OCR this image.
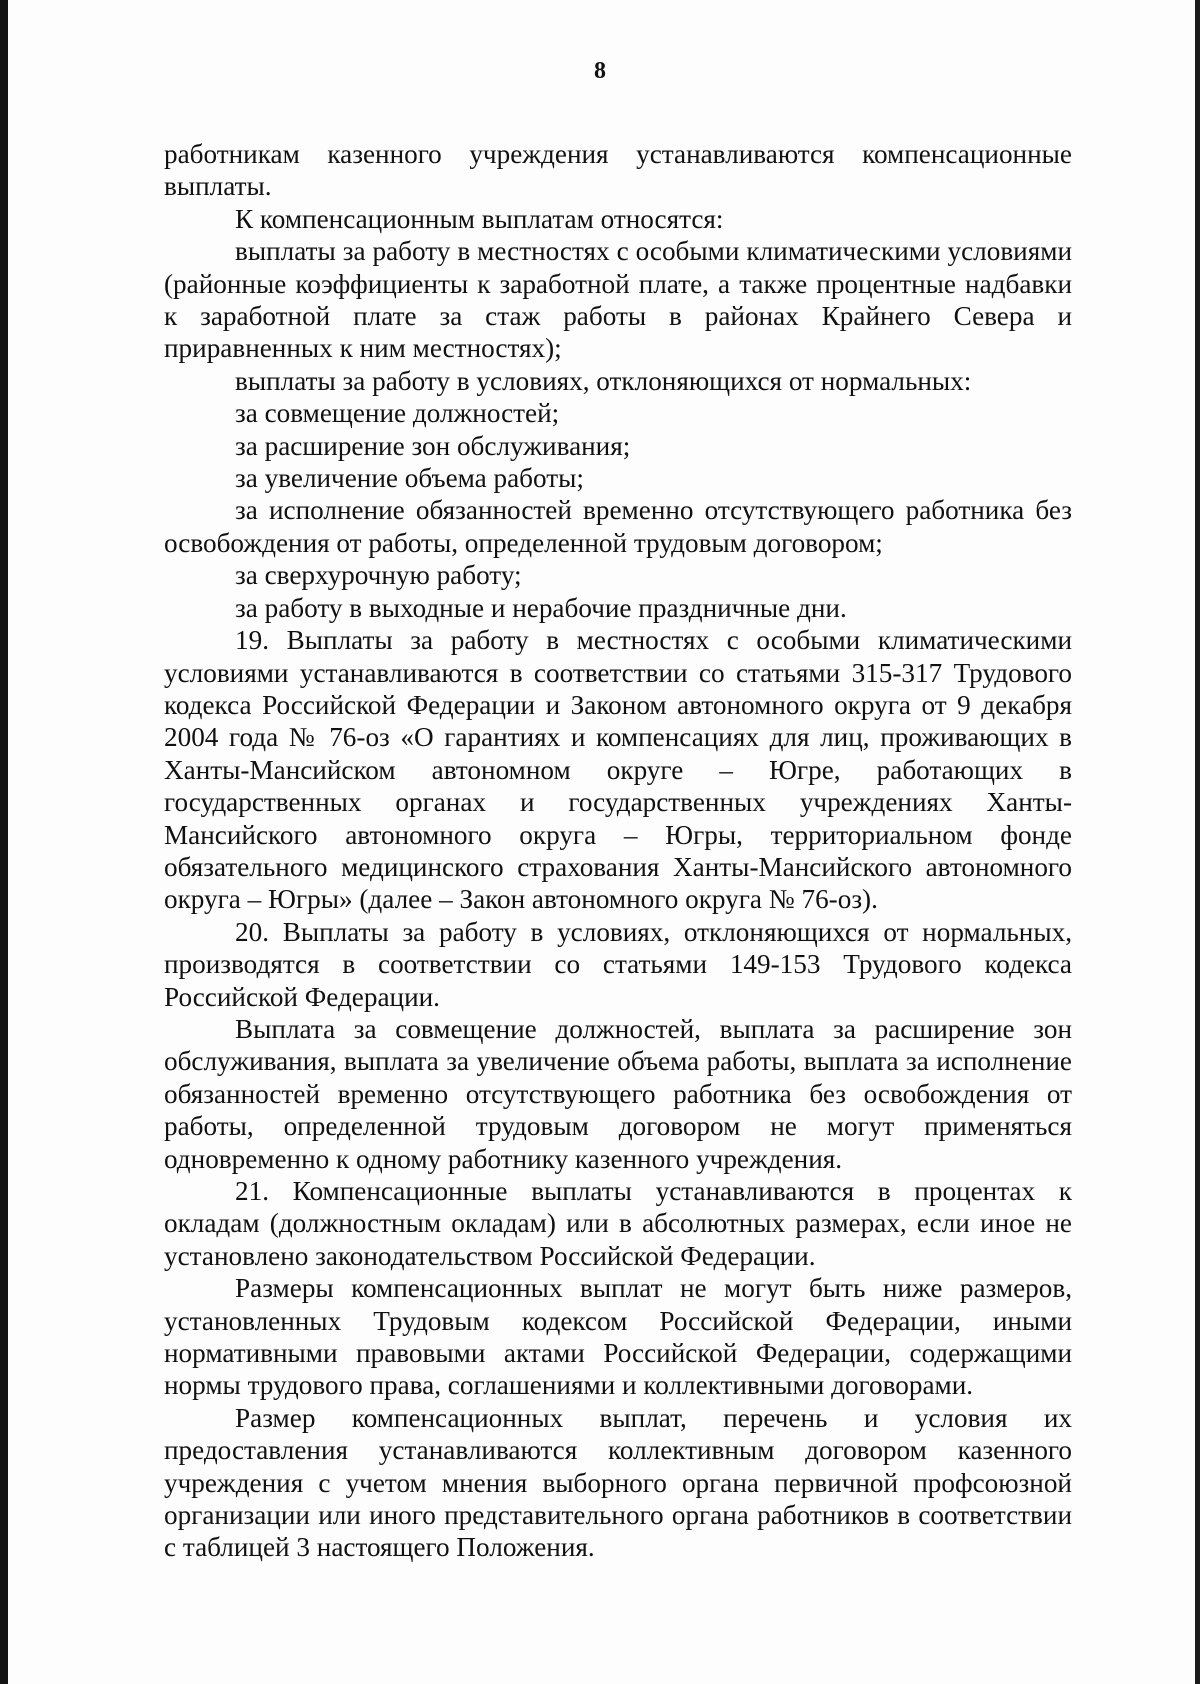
8

работникам казенного учреждения устанавливаются компенсационные выплаты.

К компенсационным выплатам относятся:

выплаты за работу в местностях с особыми климатическими условиями (районные коэффициенты к заработной плате, а также процентные надбавки к заработной плате за стаж работы в районах Крайнего Севера и приравненных к ним местностях);

выплаты за работу в условиях, отклоняющихся от нормальных:

за совмещение должностей;

за расширение зон обслуживания;

за увеличение объема работы;

за исполнение обязанностей временно отсутствующего работника без освобождения от работы, определенной трудовым договором;

за сверхурочную работу;

за работу в выходные и нерабочие праздничные дни.

19. Выплаты за работу в местностях с особыми климатическими условиями устанавливаются в соответствии со статьями 315-317 Трудового кодекса Российской Федерации и Законом автономного округа от 9 декабря 2004 года № 76-оз «О гарантиях и компенсациях для лиц, проживающих в Ханты-Мансийском автономном округе – Югре, работающих в государственных органах и государственных учреждениях Ханты-Мансийского автономного округа – Югры, территориальном фонде обязательного медицинского страхования Ханты-Мансийского автономного округа – Югры» (далее – Закон автономного округа № 76-оз).

20. Выплаты за работу в условиях, отклоняющихся от нормальных, производятся в соответствии со статьями 149-153 Трудового кодекса Российской Федерации.

Выплата за совмещение должностей, выплата за расширение зон обслуживания, выплата за увеличение объема работы, выплата за исполнение обязанностей временно отсутствующего работника без освобождения от работы, определенной трудовым договором не могут применяться одновременно к одному работнику казенного учреждения.

21. Компенсационные выплаты устанавливаются в процентах к окладам (должностным окладам) или в абсолютных размерах, если иное не установлено законодательством Российской Федерации.

Размеры компенсационных выплат не могут быть ниже размеров, установленных Трудовым кодексом Российской Федерации, иными нормативными правовыми актами Российской Федерации, содержащими нормы трудового права, соглашениями и коллективными договорами.

Размер компенсационных выплат, перечень и условия их предоставления устанавливаются коллективным договором казенного учреждения с учетом мнения выборного органа первичной профсоюзной организации или иного представительного органа работников в соответствии с таблицей 3 настоящего Положения.
